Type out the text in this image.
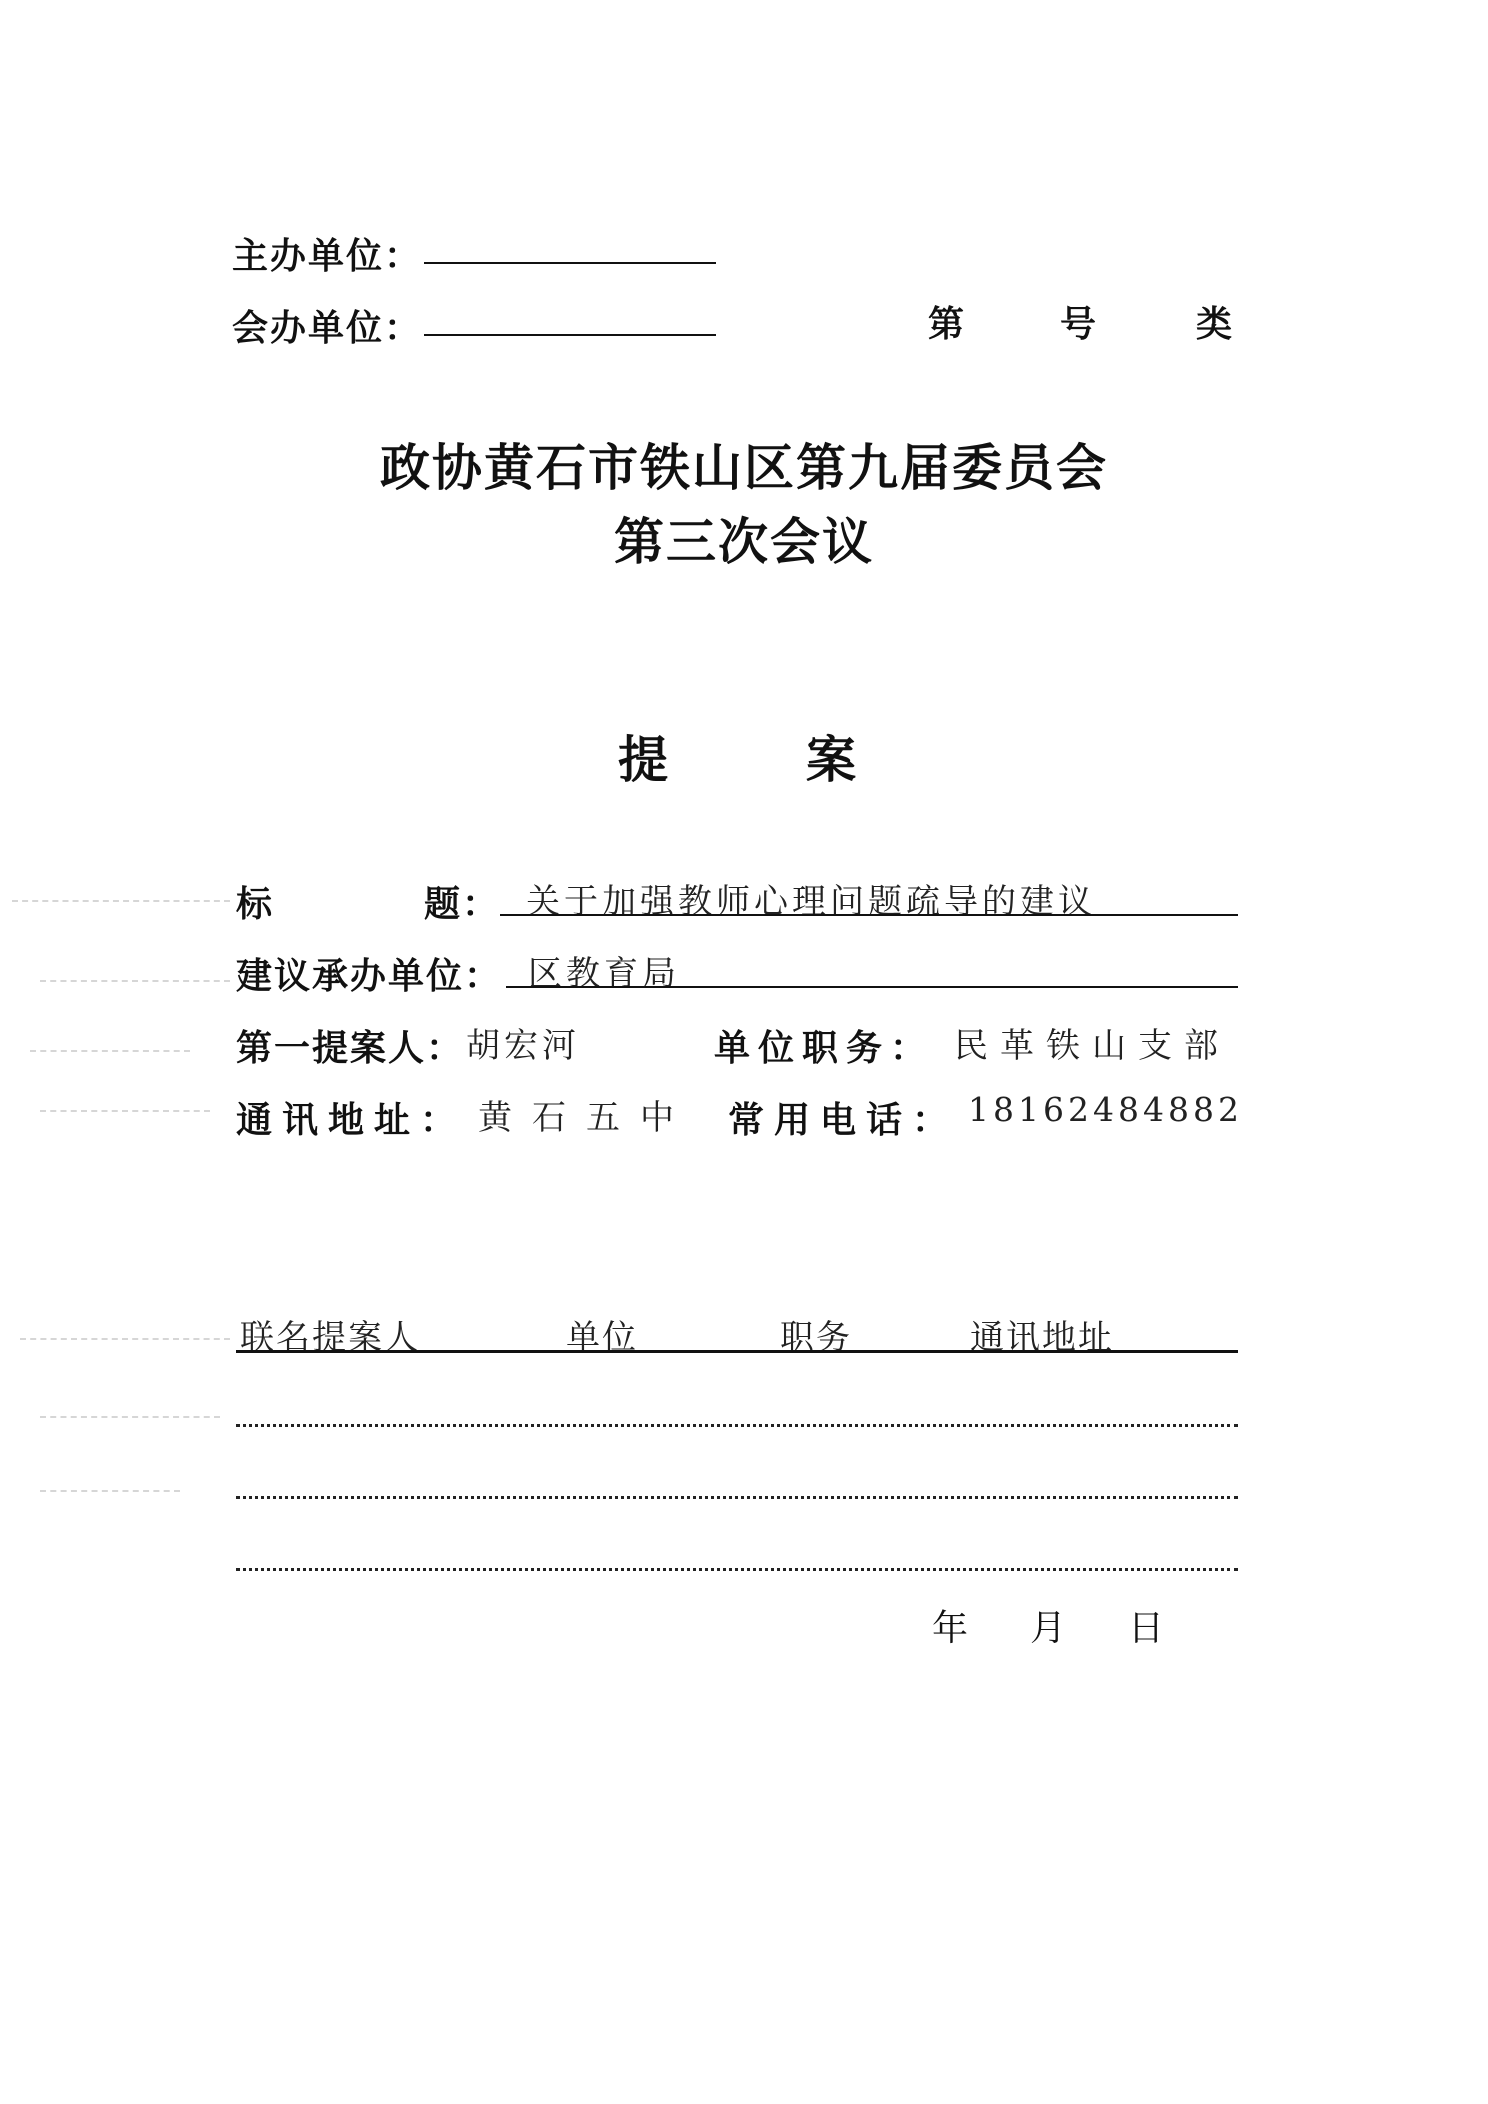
主办单位：
会办单位：	第	号	类
政协黄石市铁山区第九届委员会
第三次会议
提	案
标	题： 关于加强教师心理问题疏导的建议
建议承办单位： 区教育局
第一提案人： 胡宏河	单位职务： 民革铁山支部
通讯地址： 黄石五中 常用电话： 18162484882
联名提案人	单位	职务	通讯地址
年 月 日
